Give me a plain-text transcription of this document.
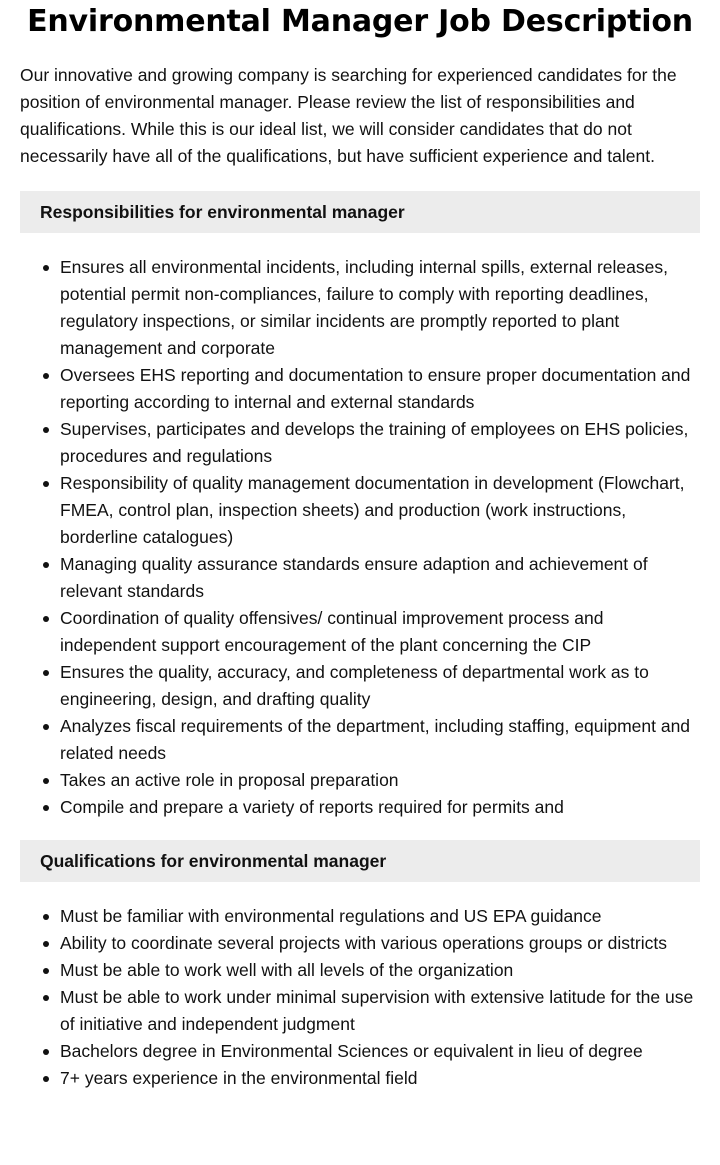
Environmental Manager Job Description

Our innovative and growing company is searching for experienced candidates for the position of environmental manager. Please review the list of responsibilities and qualifications. While this is our ideal list, we will consider candidates that do not necessarily have all of the qualifications, but have sufficient experience and talent.

Responsibilities for environmental manager
Ensures all environmental incidents, including internal spills, external releases, potential permit non-compliances, failure to comply with reporting deadlines, regulatory inspections, or similar incidents are promptly reported to plant management and corporate
Oversees EHS reporting and documentation to ensure proper documentation and reporting according to internal and external standards
Supervises, participates and develops the training of employees on EHS policies, procedures and regulations
Responsibility of quality management documentation in development (Flowchart, FMEA, control plan, inspection sheets) and production (work instructions, borderline catalogues)
Managing quality assurance standards ensure adaption and achievement of relevant standards
Coordination of quality offensives/ continual improvement process and independent support encouragement of the plant concerning the CIP
Ensures the quality, accuracy, and completeness of departmental work as to engineering, design, and drafting quality
Analyzes fiscal requirements of the department, including staffing, equipment and related needs
Takes an active role in proposal preparation
Compile and prepare a variety of reports required for permits and
Qualifications for environmental manager
Must be familiar with environmental regulations and US EPA guidance
Ability to coordinate several projects with various operations groups or districts
Must be able to work well with all levels of the organization
Must be able to work under minimal supervision with extensive latitude for the use of initiative and independent judgment
Bachelors degree in Environmental Sciences or equivalent in lieu of degree
7+ years experience in the environmental field
